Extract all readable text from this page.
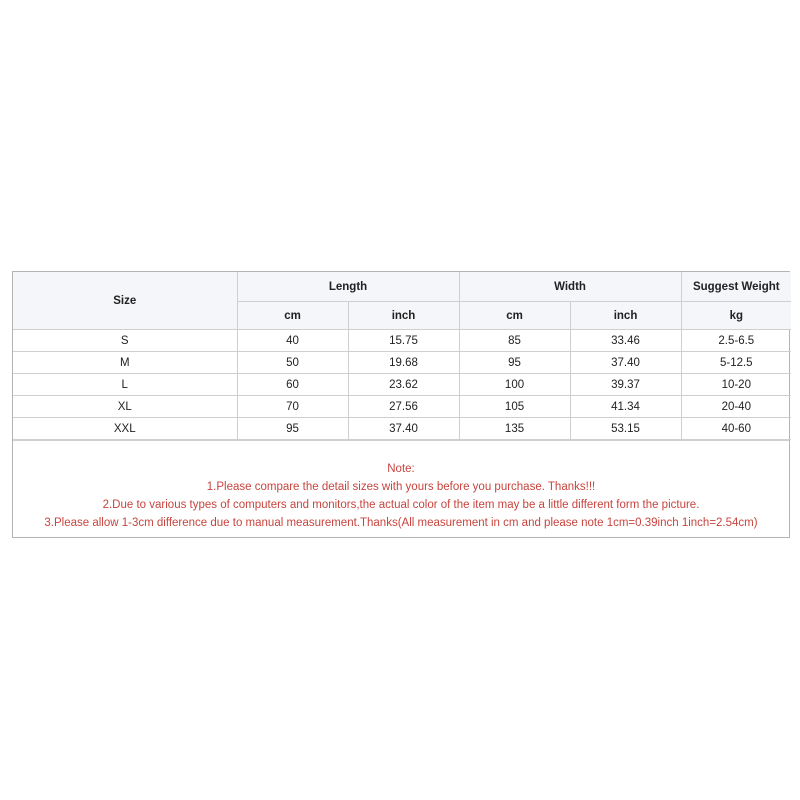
Size	Length		Width		Suggest Weight
	cm	inch	cm	inch	kg
S	40	15.75	85	33.46	2.5-6.5
M	50	19.68	95	37.40	5-12.5
L	60	23.62	100	39.37	10-20
XL	70	27.56	105	41.34	20-40
XXL	95	37.40	135	53.15	40-60
Note:
1.Please compare the detail sizes with yours before you purchase. Thanks!!!
2.Due to various types of computers and monitors,the actual color of the item may be a little different form the picture.
3.Please allow 1-3cm difference due to manual measurement.Thanks(All measurement in cm and please note 1cm=0.39inch 1inch=2.54cm)
